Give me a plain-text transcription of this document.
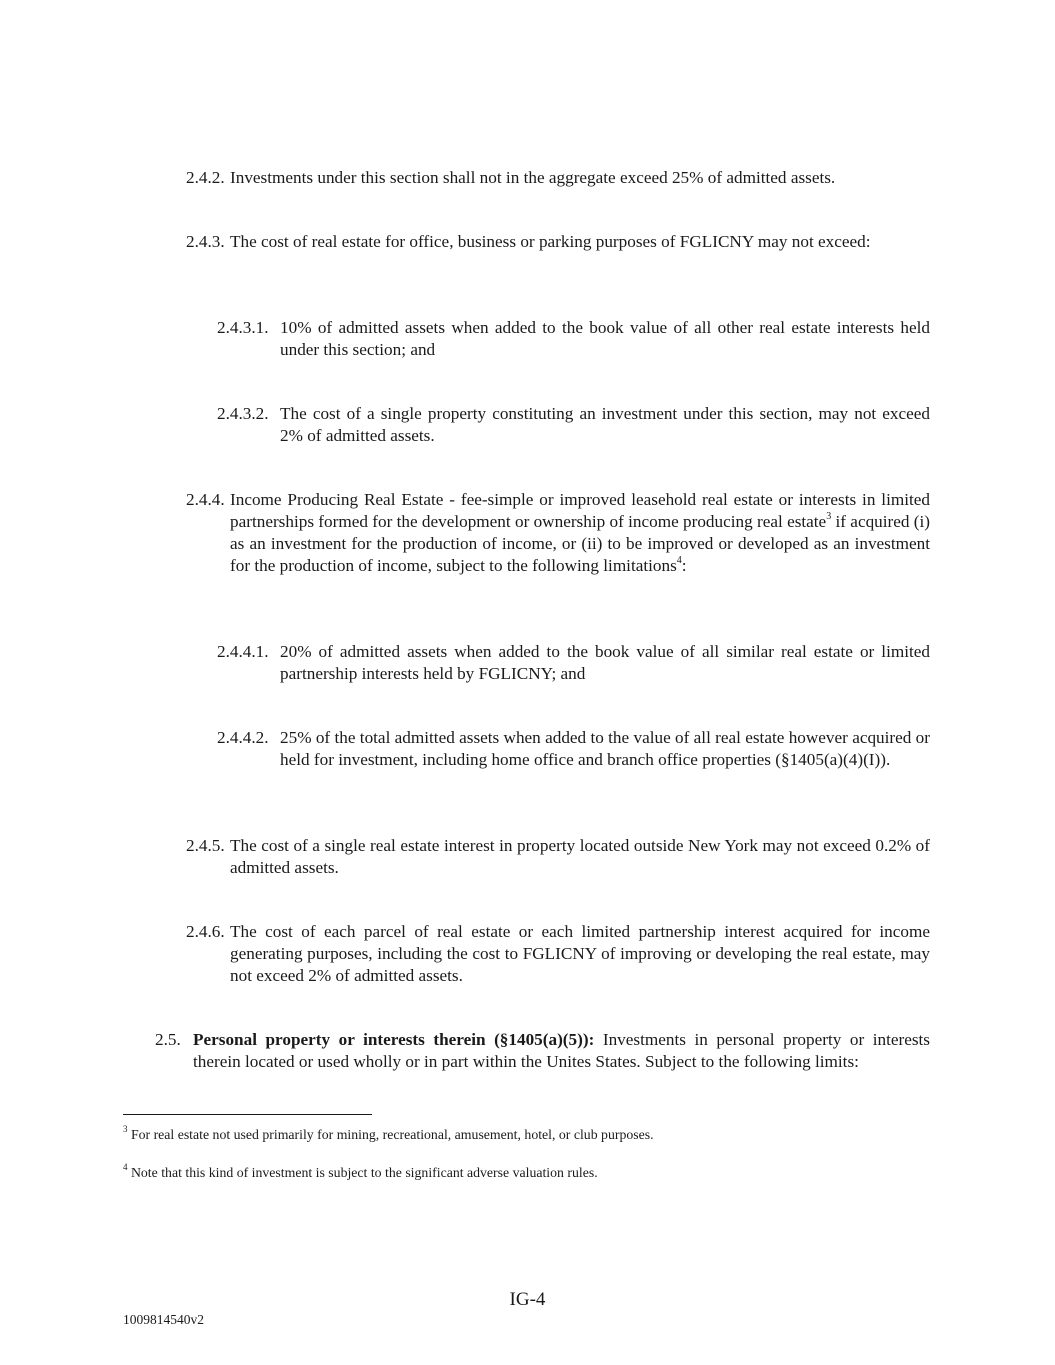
2.4.2. Investments under this section shall not in the aggregate exceed 25% of admitted assets.
2.4.3. The cost of real estate for office, business or parking purposes of FGLICNY may not exceed:
2.4.3.1. 10% of admitted assets when added to the book value of all other real estate interests held under this section; and
2.4.3.2. The cost of a single property constituting an investment under this section, may not exceed 2% of admitted assets.
2.4.4. Income Producing Real Estate - fee-simple or improved leasehold real estate or interests in limited partnerships formed for the development or ownership of income producing real estate$^3$ if acquired (i) as an investment for the production of income, or (ii) to be improved or developed as an investment for the production of income, subject to the following limitations$^4$:
2.4.4.1. 20% of admitted assets when added to the book value of all similar real estate or limited partnership interests held by FGLICNY; and
2.4.4.2. 25% of the total admitted assets when added to the value of all real estate however acquired or held for investment, including home office and branch office properties (§1405(a)(4)(I)).
2.4.5. The cost of a single real estate interest in property located outside New York may not exceed 0.2% of admitted assets.
2.4.6. The cost of each parcel of real estate or each limited partnership interest acquired for income generating purposes, including the cost to FGLICNY of improving or developing the real estate, may not exceed 2% of admitted assets.
2.5. Personal property or interests therein (§1405(a)(5)): Investments in personal property or interests therein located or used wholly or in part within the Unites States. Subject to the following limits:
$^3$ For real estate not used primarily for mining, recreational, amusement, hotel, or club purposes.
$^4$ Note that this kind of investment is subject to the significant adverse valuation rules.
IG-4
1009814540v2
